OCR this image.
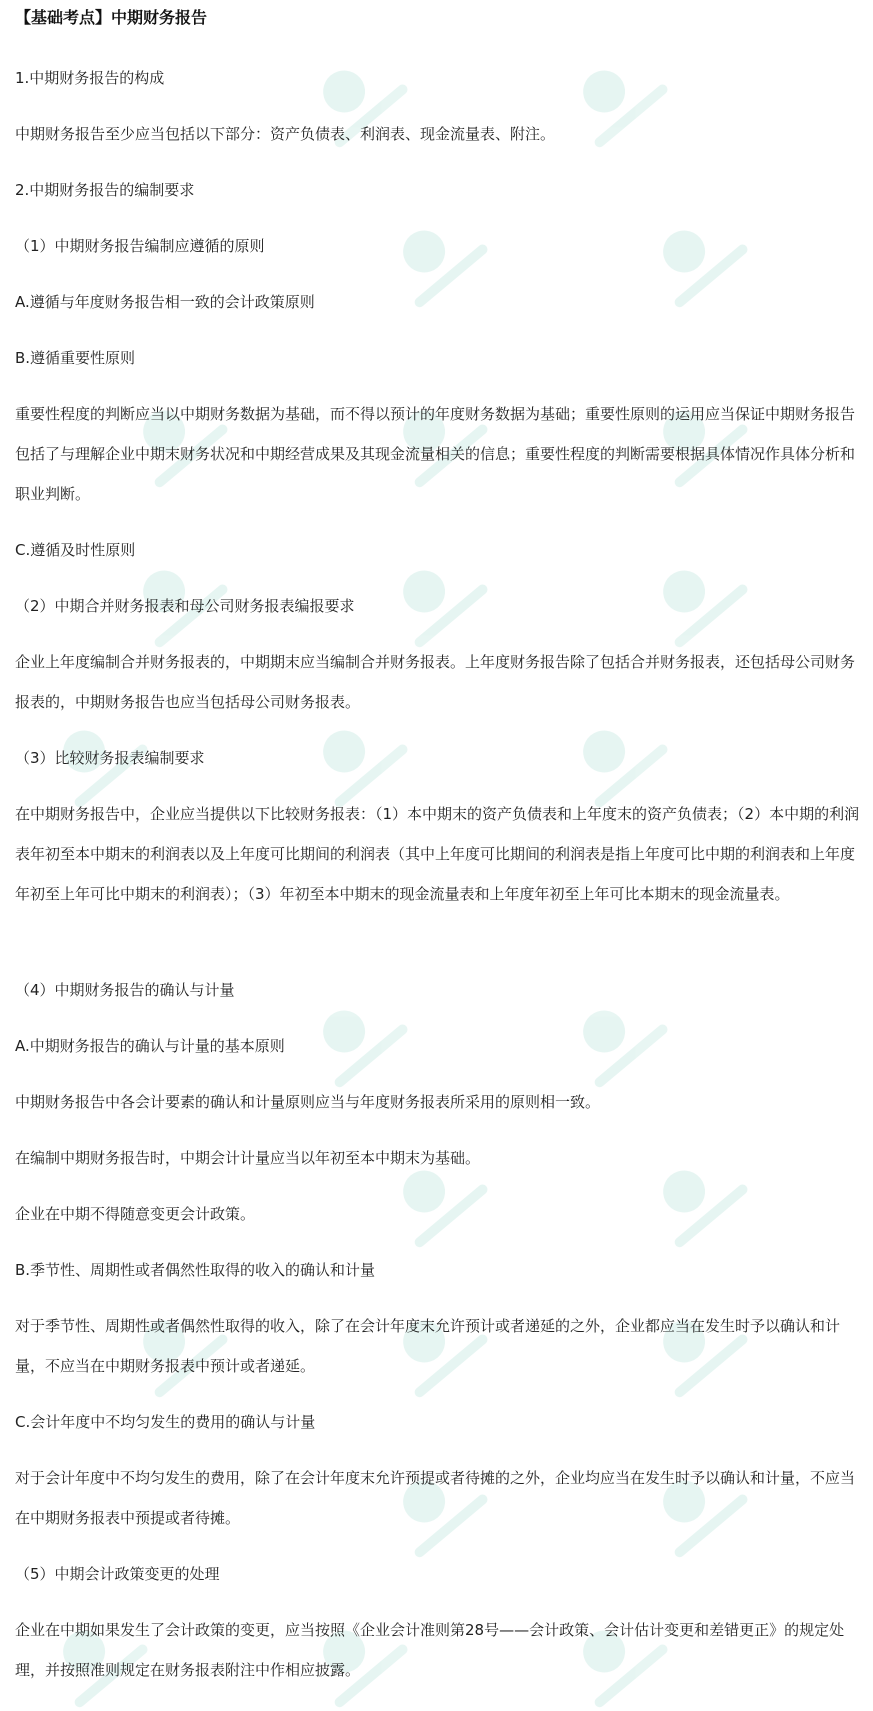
【基础考点】中期财务报告
1.中期财务报告的构成
中期财务报告至少应当包括以下部分：资产负债表、利润表、现金流量表、附注。
2.中期财务报告的编制要求
（1）中期财务报告编制应遵循的原则
A.遵循与年度财务报告相一致的会计政策原则
B.遵循重要性原则
重要性程度的判断应当以中期财务数据为基础，而不得以预计的年度财务数据为基础；重要性原则的运用应当保证中期财务报告包括了与理解企业中期末财务状况和中期经营成果及其现金流量相关的信息；重要性程度的判断需要根据具体情况作具体分析和职业判断。
C.遵循及时性原则
（2）中期合并财务报表和母公司财务报表编报要求
企业上年度编制合并财务报表的，中期期末应当编制合并财务报表。上年度财务报告除了包括合并财务报表，还包括母公司财务报表的，中期财务报告也应当包括母公司财务报表。
（3）比较财务报表编制要求
在中期财务报告中，企业应当提供以下比较财务报表：（1）本中期末的资产负债表和上年度末的资产负债表；（2）本中期的利润表年初至本中期末的利润表以及上年度可比期间的利润表（其中上年度可比期间的利润表是指上年度可比中期的利润表和上年度年初至上年可比中期末的利润表）；（3）年初至本中期末的现金流量表和上年度年初至上年可比本期末的现金流量表。
（4）中期财务报告的确认与计量
A.中期财务报告的确认与计量的基本原则
中期财务报告中各会计要素的确认和计量原则应当与年度财务报表所采用的原则相一致。
在编制中期财务报告时，中期会计计量应当以年初至本中期末为基础。
企业在中期不得随意变更会计政策。
B.季节性、周期性或者偶然性取得的收入的确认和计量
对于季节性、周期性或者偶然性取得的收入，除了在会计年度末允许预计或者递延的之外，企业都应当在发生时予以确认和计量，不应当在中期财务报表中预计或者递延。
C.会计年度中不均匀发生的费用的确认与计量
对于会计年度中不均匀发生的费用，除了在会计年度末允许预提或者待摊的之外，企业均应当在发生时予以确认和计量，不应当在中期财务报表中预提或者待摊。
（5）中期会计政策变更的处理
企业在中期如果发生了会计政策的变更，应当按照《企业会计准则第28号——会计政策、会计估计变更和差错更正》的规定处理，并按照准则规定在财务报表附注中作相应披露。
